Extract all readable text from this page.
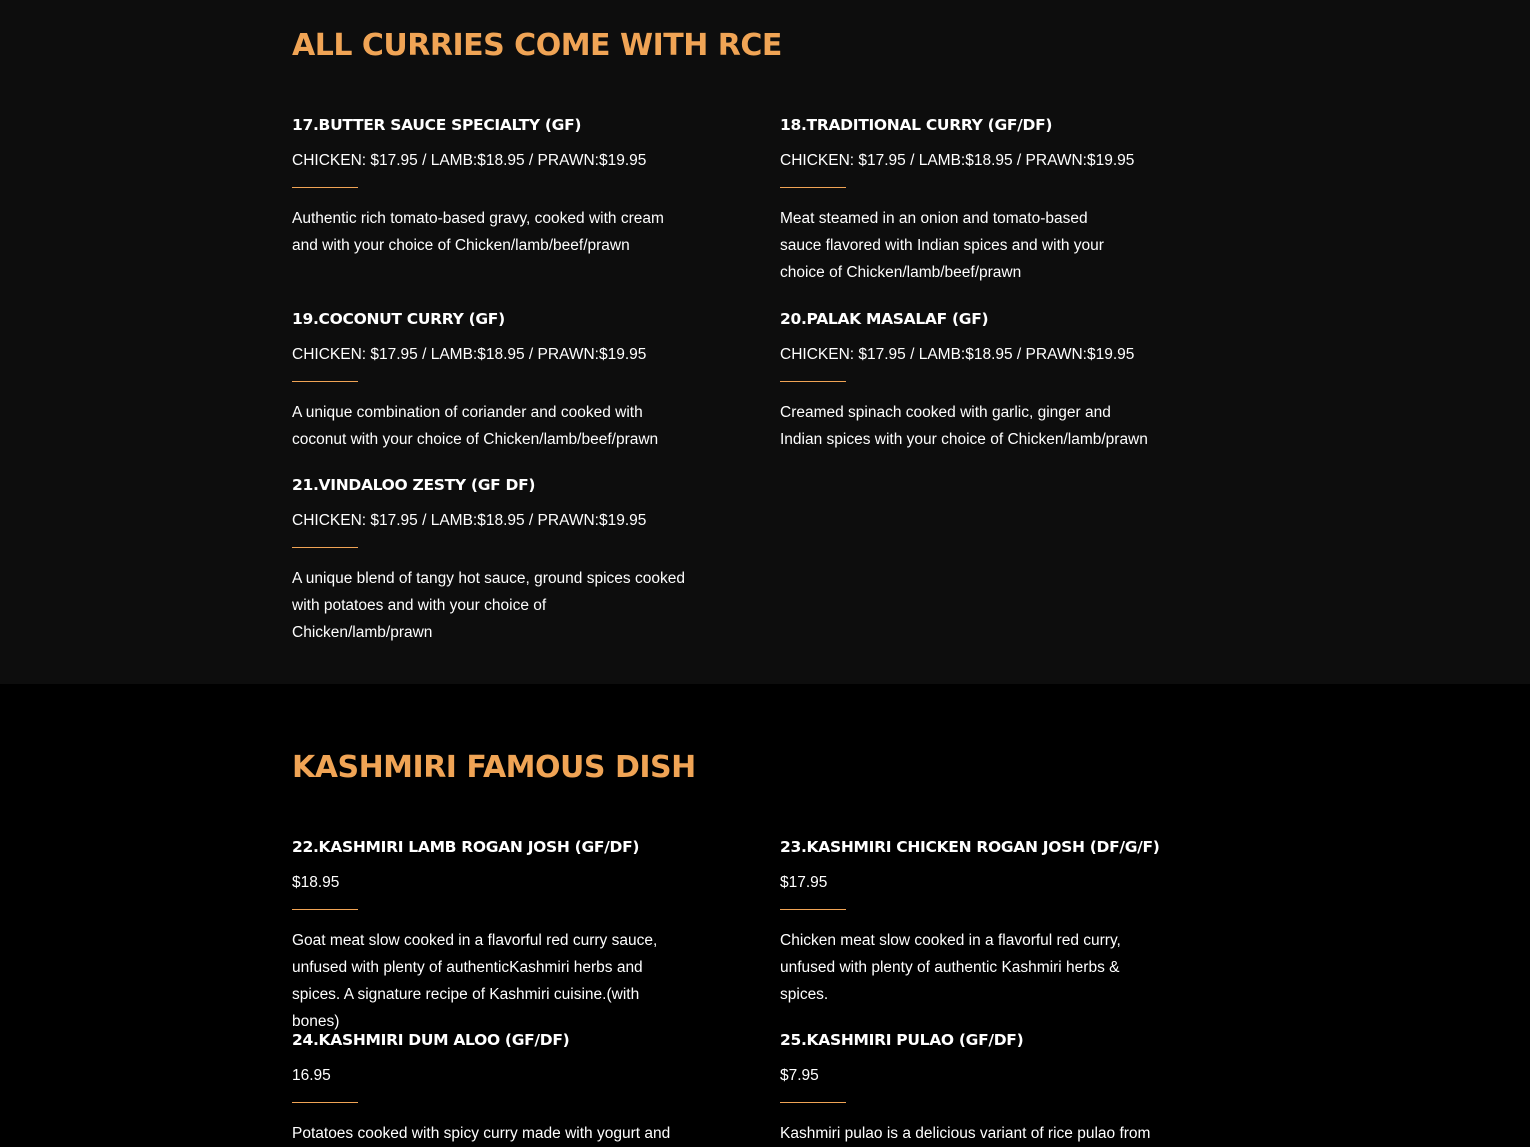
ALL CURRIES COME WITH RCE
17.BUTTER SAUCE SPECIALTY (GF)
CHICKEN: $17.95 / LAMB:$18.95 / PRAWN:$19.95
Authentic rich tomato-based gravy, cooked with cream and with your choice of Chicken/lamb/beef/prawn
18.TRADITIONAL CURRY (GF/DF)
CHICKEN: $17.95 / LAMB:$18.95 / PRAWN:$19.95
Meat steamed in an onion and tomato-based sauce flavored with Indian spices and with your choice of Chicken/lamb/beef/prawn
19.COCONUT CURRY (GF)
CHICKEN: $17.95 / LAMB:$18.95 / PRAWN:$19.95
A unique combination of coriander and cooked with coconut with your choice of Chicken/lamb/beef/prawn
20.PALAK MASALAF (GF)
CHICKEN: $17.95 / LAMB:$18.95 / PRAWN:$19.95
Creamed spinach cooked with garlic, ginger and Indian spices with your choice of Chicken/lamb/prawn
21.VINDALOO ZESTY (GF DF)
CHICKEN: $17.95 / LAMB:$18.95 / PRAWN:$19.95
A unique blend of tangy hot sauce, ground spices cooked with potatoes and with your choice of Chicken/lamb/prawn
KASHMIRI FAMOUS DISH
22.KASHMIRI LAMB ROGAN JOSH (GF/DF)
$18.95
Goat meat slow cooked in a flavorful red curry sauce, unfused with plenty of authenticKashmiri herbs and spices. A signature recipe of Kashmiri cuisine.(with bones)
23.KASHMIRI CHICKEN ROGAN JOSH (DF/G/F)
$17.95
Chicken meat slow cooked in a flavorful red curry, unfused with plenty of authentic Kashmiri herbs & spices.
24.KASHMIRI DUM ALOO (GF/DF)
16.95
Potatoes cooked with spicy curry made with yogurt and
25.KASHMIRI PULAO (GF/DF)
$7.95
Kashmiri pulao is a delicious variant of rice pulao from
